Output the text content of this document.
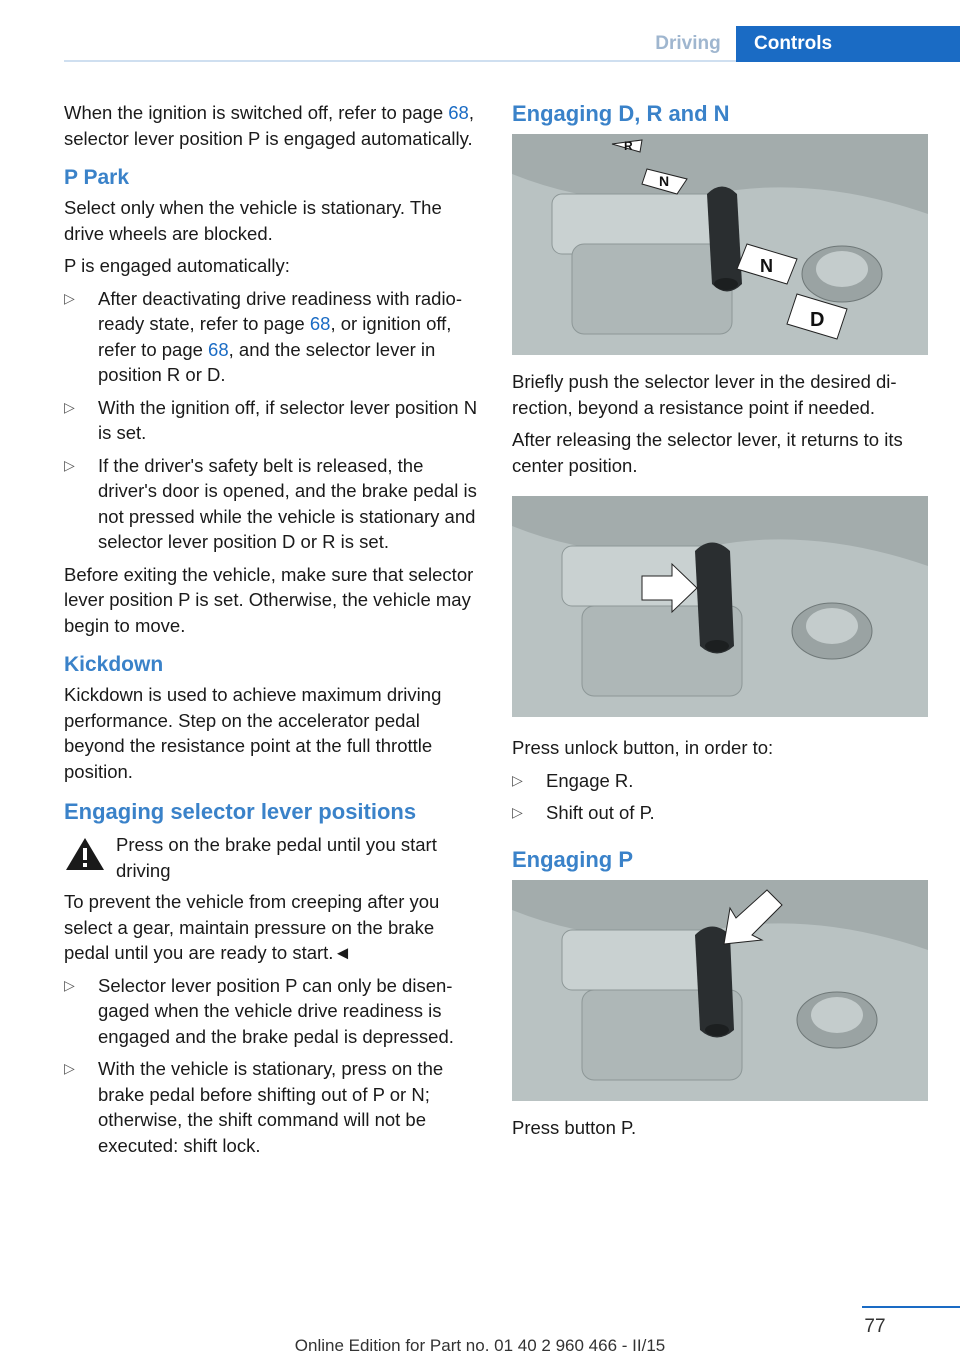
Driving	Controls

When the ignition is switched off, refer to page 68, selector lever position P is engaged automatically.

P Park

Select only when the vehicle is stationary. The drive wheels are blocked.

P is engaged automatically:

▷ After deactivating drive readiness with radio-ready state, refer to page 68, or ignition off, refer to page 68, and the selector lever in position R or D.
▷ With the ignition off, if selector lever position N is set.
▷ If the driver's safety belt is released, the driver's door is opened, and the brake pedal is not pressed while the vehicle is stationary and selector lever position D or R is set.

Before exiting the vehicle, make sure that selector lever position P is set. Otherwise, the vehicle may begin to move.

Kickdown

Kickdown is used to achieve maximum driving performance. Step on the accelerator pedal beyond the resistance point at the full throttle position.

Engaging selector lever positions
Press on the brake pedal until you start driving

To prevent the vehicle from creeping after you select a gear, maintain pressure on the brake pedal until you are ready to start.◄

▷ Selector lever position P can only be disengaged when the vehicle drive readiness is engaged and the brake pedal is depressed.
▷ With the vehicle is stationary, press on the brake pedal before shifting out of P or N; otherwise, the shift command will not be executed: shift lock.
Engaging D, R and N
R
N
N
D

Briefly push the selector lever in the desired direction, beyond a resistance point if needed.

After releasing the selector lever, it returns to its center position.

Press unlock button, in order to:

▷ Engage R.
▷ Shift out of P.
Engaging P

Press button P.

77
Online Edition for Part no. 01 40 2 960 466 - II/15
